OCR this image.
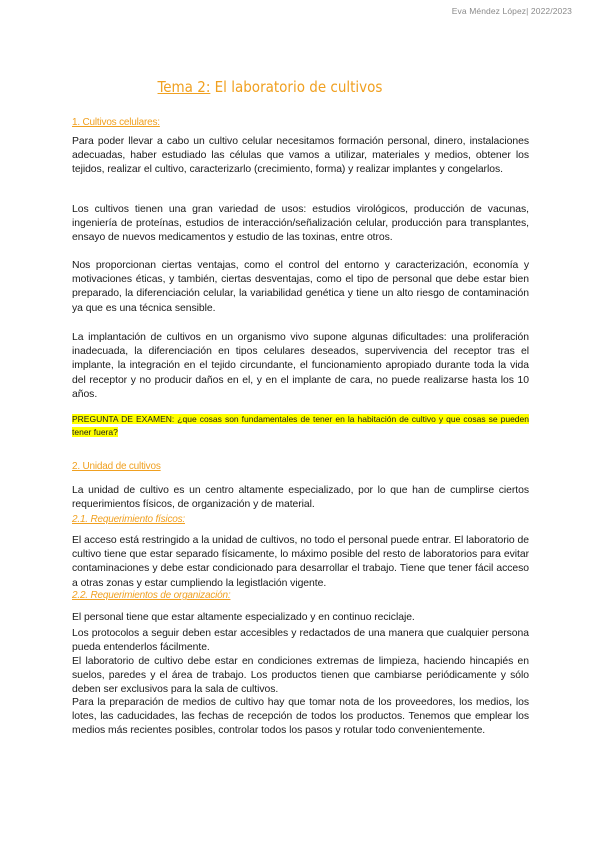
Eva Méndez López| 2022/2023
Tema 2: El laboratorio de cultivos
1. Cultivos celulares:

Para poder llevar a cabo un cultivo celular necesitamos formación personal, dinero, instalaciones adecuadas, haber estudiado las células que vamos a utilizar, materiales y medios, obtener los tejidos, realizar el cultivo, caracterizarlo (crecimiento, forma) y realizar implantes y congelarlos.

Los cultivos tienen una gran variedad de usos: estudios virológicos, producción de vacunas, ingeniería de proteínas, estudios de interacción/señalización celular, producción para transplantes, ensayo de nuevos medicamentos y estudio de las toxinas, entre otros.

Nos proporcionan ciertas ventajas, como el control del entorno y caracterización, economía y motivaciones éticas, y también, ciertas desventajas, como el tipo de personal que debe estar bien preparado, la diferenciación celular, la variabilidad genética y tiene un alto riesgo de contaminación ya que es una técnica sensible.

La implantación de cultivos en un organismo vivo supone algunas dificultades: una proliferación inadecuada, la diferenciación en tipos celulares deseados, supervivencia del receptor tras el implante, la integración en el tejido circundante, el funcionamiento apropiado durante toda la vida del receptor y no producir daños en el, y en el implante de cara, no puede realizarse hasta los 10 años.

PREGUNTA DE EXAMEN: ¿que cosas son fundamentales de tener en la habitación de cultivo y que cosas se pueden tener fuera?
2. Unidad de cultivos

La unidad de cultivo es un centro altamente especializado, por lo que han de cumplirse ciertos requerimientos físicos, de organización y de material.

2.1. Requerimiento físicos:

El acceso está restringido a la unidad de cultivos, no todo el personal puede entrar. El laboratorio de cultivo tiene que estar separado físicamente, lo máximo posible del resto de laboratorios para evitar contaminaciones y debe estar condicionado para desarrollar el trabajo. Tiene que tener fácil acceso a otras zonas y estar cumpliendo la legistlación vigente.

2.2. Requerimientos de organización:

El personal tiene que estar altamente especializado y en continuo reciclaje.

Los protocolos a seguir deben estar accesibles y redactados de una manera que cualquier persona pueda entenderlos fácilmente.

El laboratorio de cultivo debe estar en condiciones extremas de limpieza, haciendo hincapiés en suelos, paredes y el área de trabajo. Los productos tienen que cambiarse periódicamente y sólo deben ser exclusivos para la sala de cultivos.

Para la preparación de medios de cultivo hay que tomar nota de los proveedores, los medios, los lotes, las caducidades, las fechas de recepción de todos los productos. Tenemos que emplear los medios más recientes posibles, controlar todos los pasos y rotular todo convenientemente.
